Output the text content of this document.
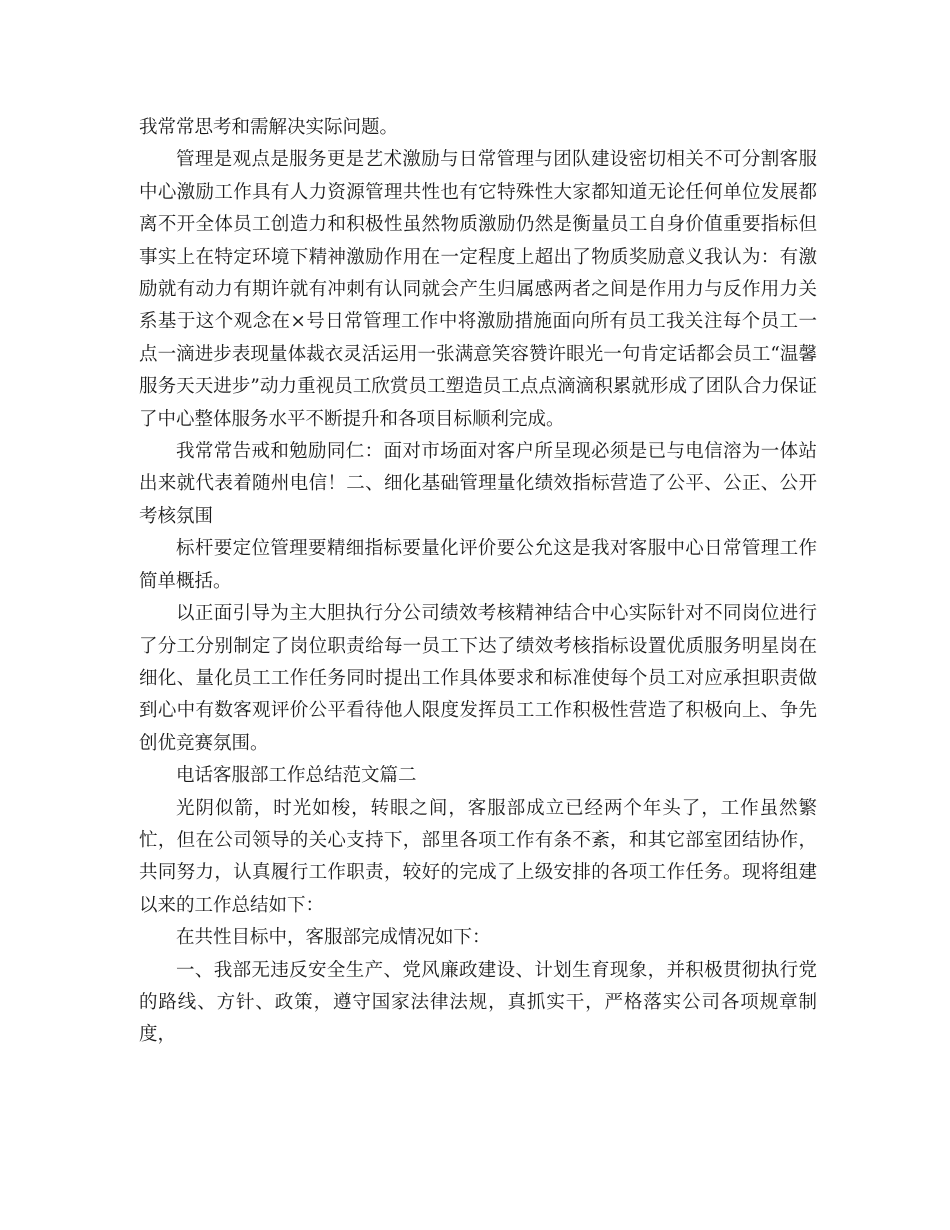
我常常思考和需解决实际问题。

管理是观点是服务更是艺术激励与日常管理与团队建设密切相关不可分割客服中心激励工作具有人力资源管理共性也有它特殊性大家都知道无论任何单位发展都离不开全体员工创造力和积极性虽然物质激励仍然是衡量员工自身价值重要指标但事实上在特定环境下精神激励作用在一定程度上超出了物质奖励意义我认为：有激励就有动力有期许就有冲刺有认同就会产生归属感两者之间是作用力与反作用力关系基于这个观念在×号日常管理工作中将激励措施面向所有员工我关注每个员工一点一滴进步表现量体裁衣灵活运用一张满意笑容赞许眼光一句肯定话都会员工“温馨服务天天进步”动力重视员工欣赏员工塑造员工点点滴滴积累就形成了团队合力保证了中心整体服务水平不断提升和各项目标顺利完成。

我常常告戒和勉励同仁：面对市场面对客户所呈现必须是已与电信溶为一体站出来就代表着随州电信！二、细化基础管理量化绩效指标营造了公平、公正、公开考核氛围

标杆要定位管理要精细指标要量化评价要公允这是我对客服中心日常管理工作简单概括。

以正面引导为主大胆执行分公司绩效考核精神结合中心实际针对不同岗位进行了分工分别制定了岗位职责给每一员工下达了绩效考核指标设置优质服务明星岗在细化、量化员工工作任务同时提出工作具体要求和标准使每个员工对应承担职责做到心中有数客观评价公平看待他人限度发挥员工工作积极性营造了积极向上、争先创优竞赛氛围。

电话客服部工作总结范文篇二

光阴似箭，时光如梭，转眼之间，客服部成立已经两个年头了，工作虽然繁忙，但在公司领导的关心支持下，部里各项工作有条不紊，和其它部室团结协作，共同努力，认真履行工作职责，较好的完成了上级安排的各项工作任务。现将组建以来的工作总结如下：

在共性目标中，客服部完成情况如下：

一、我部无违反安全生产、党风廉政建设、计划生育现象，并积极贯彻执行党的路线、方针、政策，遵守国家法律法规，真抓实干，严格落实公司各项规章制度，
